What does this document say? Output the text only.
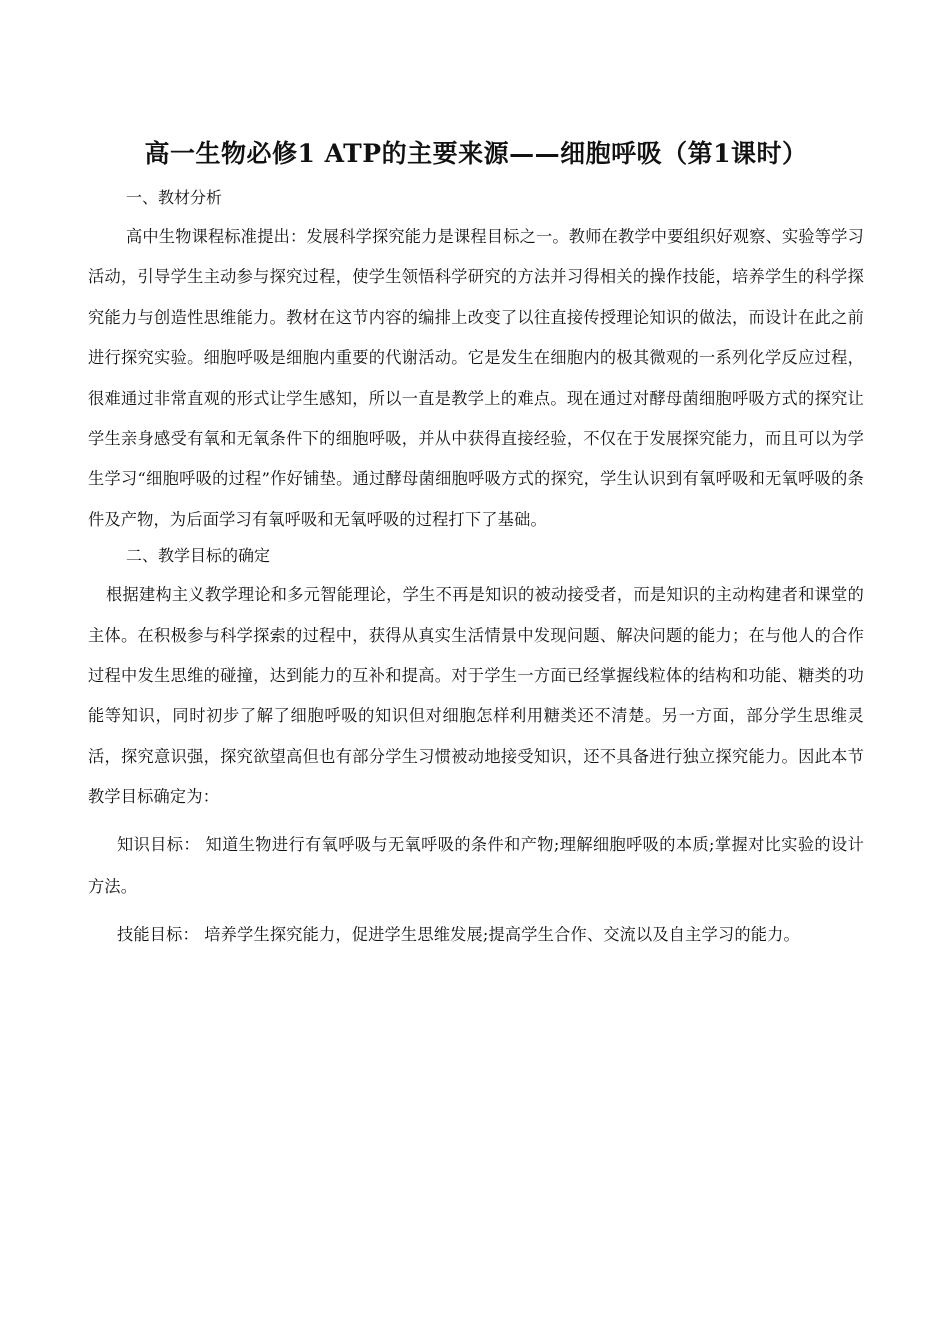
高一生物必修1 ATP的主要来源——细胞呼吸（第1课时）

一、教材分析

高中生物课程标准提出：发展科学探究能力是课程目标之一。教师在教学中要组织好观察、实验等学习活动，引导学生主动参与探究过程，使学生领悟科学研究的方法并习得相关的操作技能，培养学生的科学探究能力与创造性思维能力。教材在这节内容的编排上改变了以往直接传授理论知识的做法，而设计在此之前进行探究实验。细胞呼吸是细胞内重要的代谢活动。它是发生在细胞内的极其微观的一系列化学反应过程，很难通过非常直观的形式让学生感知，所以一直是教学上的难点。现在通过对酵母菌细胞呼吸方式的探究让学生亲身感受有氧和无氧条件下的细胞呼吸，并从中获得直接经验，不仅在于发展探究能力，而且可以为学生学习“细胞呼吸的过程”作好铺垫。通过酵母菌细胞呼吸方式的探究，学生认识到有氧呼吸和无氧呼吸的条件及产物，为后面学习有氧呼吸和无氧呼吸的过程打下了基础。

二、教学目标的确定

根据建构主义教学理论和多元智能理论，学生不再是知识的被动接受者，而是知识的主动构建者和课堂的主体。在积极参与科学探索的过程中，获得从真实生活情景中发现问题、解决问题的能力；在与他人的合作过程中发生思维的碰撞，达到能力的互补和提高。对于学生一方面已经掌握线粒体的结构和功能、糖类的功能等知识，同时初步了解了细胞呼吸的知识但对细胞怎样利用糖类还不清楚。另一方面，部分学生思维灵活，探究意识强，探究欲望高但也有部分学生习惯被动地接受知识，还不具备进行独立探究能力。因此本节教学目标确定为：

知识目标： 知道生物进行有氧呼吸与无氧呼吸的条件和产物;理解细胞呼吸的本质;掌握对比实验的设计方法。

技能目标： 培养学生探究能力，促进学生思维发展;提高学生合作、交流以及自主学习的能力。
